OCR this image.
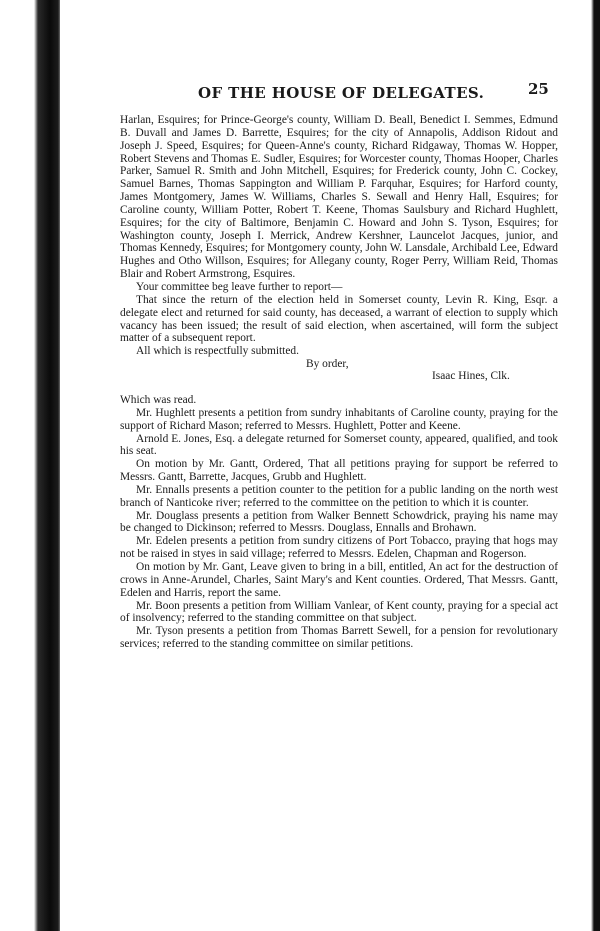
OF THE HOUSE OF DELEGATES.	25

Harlan, Esquires; for Prince-George's county, William D. Beall, Benedict I. Semmes, Edmund B. Duvall and James D. Barrette, Esquires; for the city of Annapolis, Addison Ridout and Joseph J. Speed, Esquires; for Queen-Anne's county, Richard Ridgaway, Thomas W. Hopper, Robert Stevens and Thomas E. Sudler, Esquires; for Worcester county, Thomas Hooper, Charles Parker, Samuel R. Smith and John Mitchell, Esquires; for Frederick county, John C. Cockey, Samuel Barnes, Thomas Sappington and William P. Farquhar, Esquires; for Harford county, James Montgomery, James W. Williams, Charles S. Sewall and Henry Hall, Esquires; for Caroline county, William Potter, Robert T. Keene, Thomas Saulsbury and Richard Hughlett, Esquires; for the city of Baltimore, Benjamin C. Howard and John S. Tyson, Esquires; for Washington county, Joseph I. Merrick, Andrew Kershner, Launcelot Jacques, junior, and Thomas Kennedy, Esquires; for Montgomery county, John W. Lansdale, Archibald Lee, Edward Hughes and Otho Willson, Esquires; for Allegany county, Roger Perry, William Reid, Thomas Blair and Robert Armstrong, Esquires.

Your committee beg leave further to report—

That since the return of the election held in Somerset county, Levin R. King, Esqr. a delegate elect and returned for said county, has deceased, a warrant of election to supply which vacancy has been issued; the result of said election, when ascertained, will form the subject matter of a subsequent report.

All which is respectfully submitted.

By order,
Isaac Hines, Clk.

Which was read.

Mr. Hughlett presents a petition from sundry inhabitants of Caroline county, praying for the support of Richard Mason; referred to Messrs. Hughlett, Potter and Keene.

Arnold E. Jones, Esq. a delegate returned for Somerset county, appeared, qualified, and took his seat.

On motion by Mr. Gantt, Ordered, That all petitions praying for support be referred to Messrs. Gantt, Barrette, Jacques, Grubb and Hughlett.

Mr. Ennalls presents a petition counter to the petition for a public landing on the north west branch of Nanticoke river; referred to the committee on the petition to which it is counter.

Mr. Douglass presents a petition from Walker Bennett Schowdrick, praying his name may be changed to Dickinson; referred to Messrs. Douglass, Ennalls and Brohawn.

Mr. Edelen presents a petition from sundry citizens of Port Tobacco, praying that hogs may not be raised in styes in said village; referred to Messrs. Edelen, Chapman and Rogerson.

On motion by Mr. Gant, Leave given to bring in a bill, entitled, An act for the destruction of crows in Anne-Arundel, Charles, Saint Mary's and Kent counties. Ordered, That Messrs. Gantt, Edelen and Harris, report the same.

Mr. Boon presents a petition from William Vanlear, of Kent county, praying for a special act of insolvency; referred to the standing committee on that subject.

Mr. Tyson presents a petition from Thomas Barrett Sewell, for a pension for revolutionary services; referred to the standing committee on similar petitions.
